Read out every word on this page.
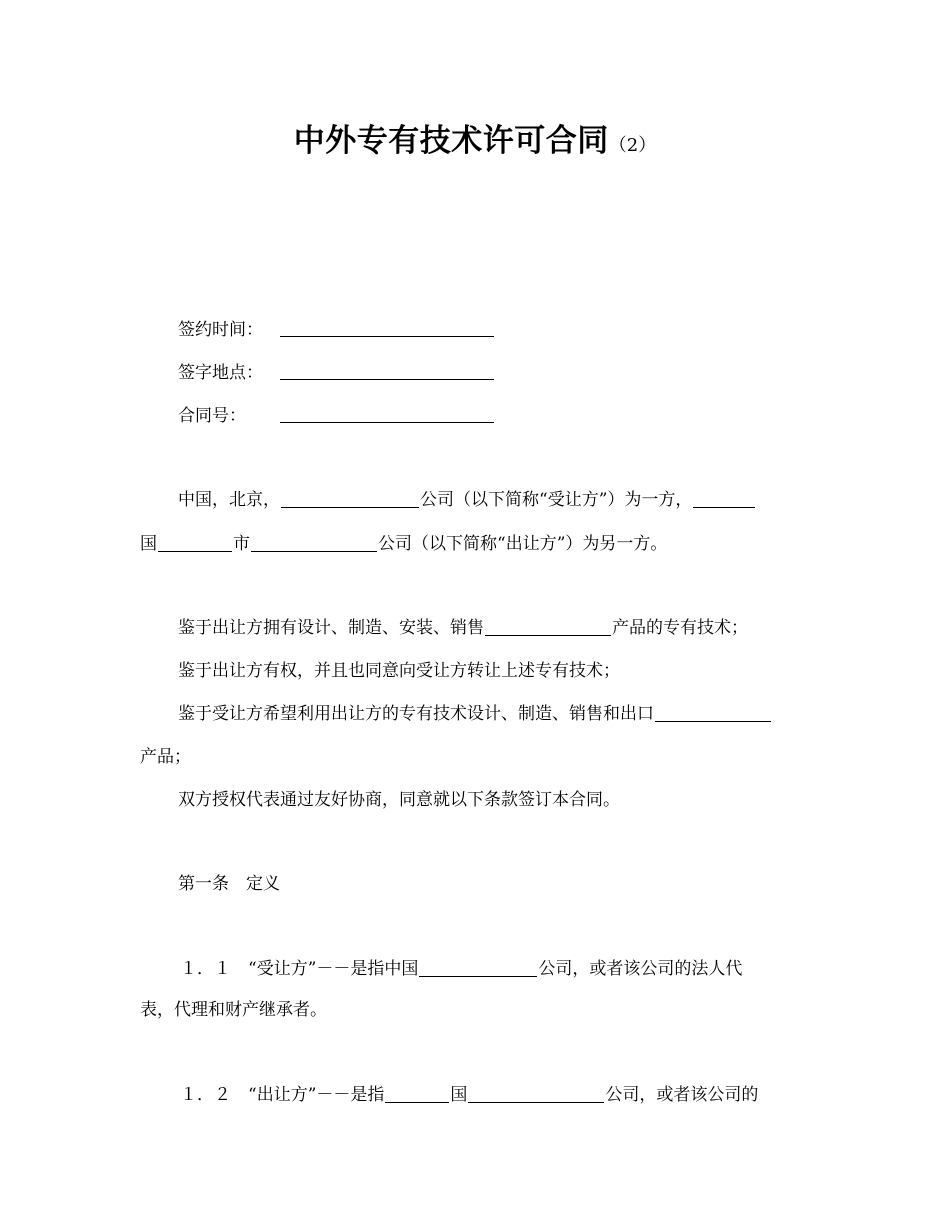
中外专有技术许可合同（2）
签约时间：
签字地点：
合同号：
中国，北京，	公司（以下简称“受让方”）为一方，
国	市	公司（以下简称“出让方”）为另一方。
鉴于出让方拥有设计、制造、安装、销售	产品的专有技术；
鉴于出让方有权，并且也同意向受让方转让上述专有技术；
鉴于受让方希望利用出让方的专有技术设计、制造、销售和出口
产品；
双方授权代表通过友好协商，同意就以下条款签订本合同。
第一条　定义
１．１　“受让方”－－是指中国	公司，或者该公司的法人代
表，代理和财产继承者。
１．２　“出让方”－－是指	国	公司，或者该公司的
